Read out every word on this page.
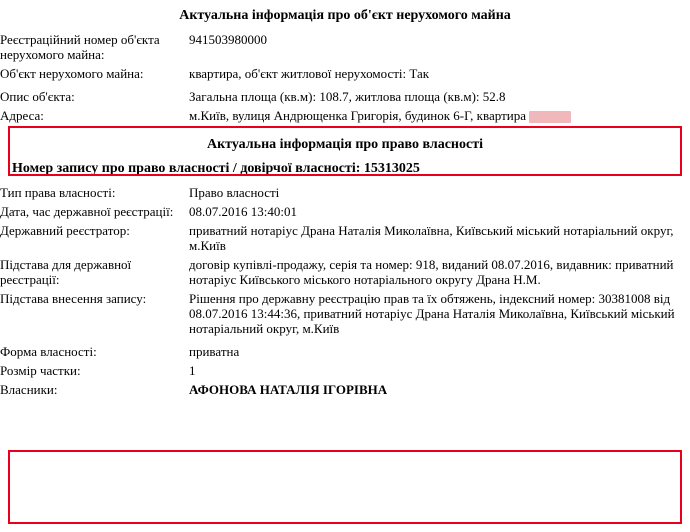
Актуальна інформація про об'єкт нерухомого майна
Реєстраційний номер об'єкта нерухомого майна:	941503980000
Об'єкт нерухомого майна:	квартира, об'єкт житлової нерухомості: Так
Опис об'єкта:	Загальна площа (кв.м): 108.7, житлова площа (кв.м): 52.8
Адреса:	м.Київ, вулиця Андрющенка Григорія, будинок 6-Г, квартира
Актуальна інформація про право власності
Номер запису про право власності / довірчої власності: 15313025
Тип права власності:	Право власності
Дата, час державної реєстрації:	08.07.2016 13:40:01
Державний реєстратор:	приватний нотаріус Драна Наталія Миколаївна, Київський міський нотаріальний округ, м.Київ
Підстава для державної реєстрації:	договір купівлі-продажу, серія та номер: 918, виданий 08.07.2016, видавник: приватний нотаріус Київського міського нотаріального округу Драна Н.М.
Підстава внесення запису:	Рішення про державну реєстрацію прав та їх обтяжень, індексний номер: 30381008 від 08.07.2016 13:44:36, приватний нотаріус Драна Наталія Миколаївна, Київський міський нотаріальний округ, м.Київ
Форма власності:	приватна
Розмір частки:	1
Власники:	АФОНОВА НАТАЛІЯ ІГОРІВНА
